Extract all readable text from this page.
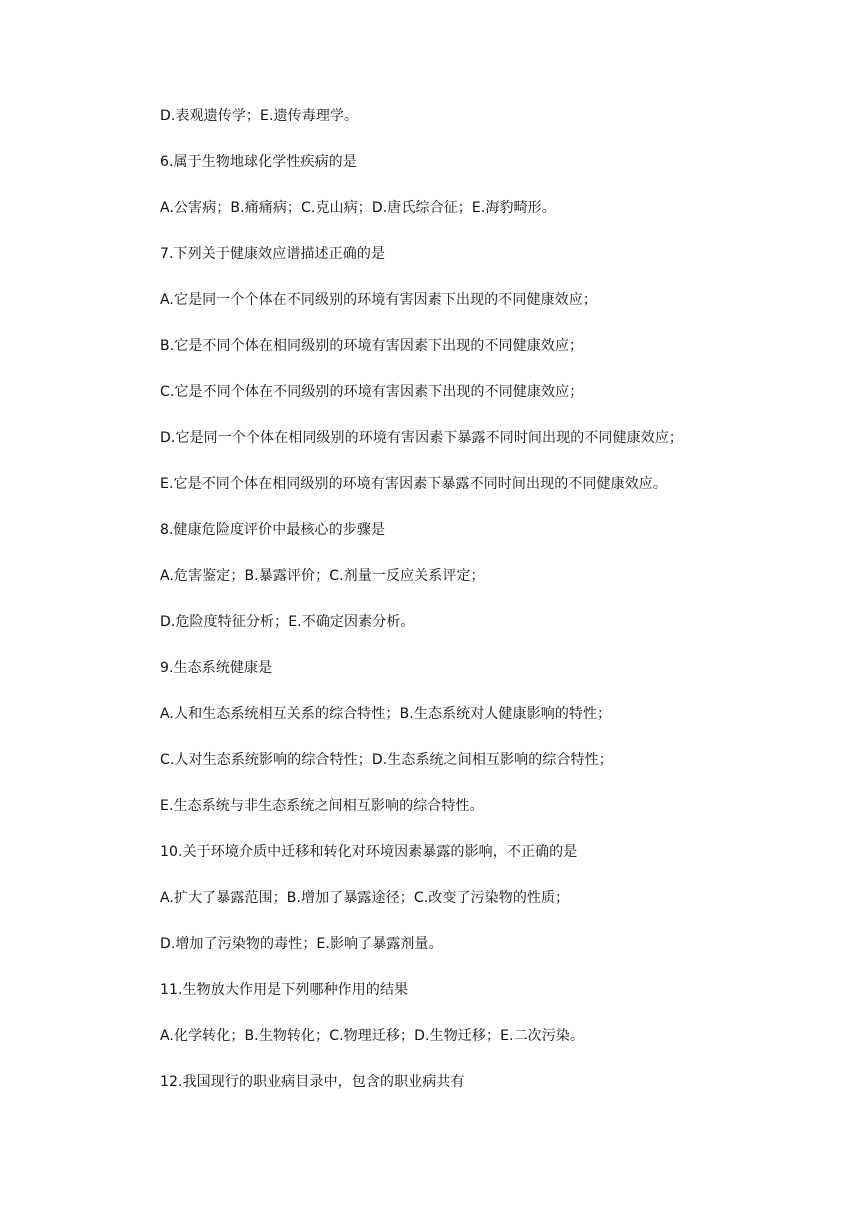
D.表观遗传学；E.遗传毒理学。
6.属于生物地球化学性疾病的是
A.公害病；B.痛痛病；C.克山病；D.唐氏综合征；E.海豹畸形。
7.下列关于健康效应谱描述正确的是
A.它是同一个个体在不同级别的环境有害因素下出现的不同健康效应；
B.它是不同个体在相同级别的环境有害因素下出现的不同健康效应；
C.它是不同个体在不同级别的环境有害因素下出现的不同健康效应；
D.它是同一个个体在相同级别的环境有害因素下暴露不同时间出现的不同健康效应；
E.它是不同个体在相同级别的环境有害因素下暴露不同时间出现的不同健康效应。
8.健康危险度评价中最核心的步骤是
A.危害鉴定；B.暴露评价；C.剂量一反应关系评定；
D.危险度特征分析；E.不确定因素分析。
9.生态系统健康是
A.人和生态系统相互关系的综合特性；B.生态系统对人健康影响的特性；
C.人对生态系统影响的综合特性；D.生态系统之间相互影响的综合特性；
E.生态系统与非生态系统之间相互影响的综合特性。
10.关于环境介质中迁移和转化对环境因素暴露的影响，不正确的是
A.扩大了暴露范围；B.增加了暴露途径；C.改变了污染物的性质；
D.增加了污染物的毒性；E.影响了暴露剂量。
11.生物放大作用是下列哪种作用的结果
A.化学转化；B.生物转化；C.物理迁移；D.生物迁移；E.二次污染。
12.我国现行的职业病目录中，包含的职业病共有
